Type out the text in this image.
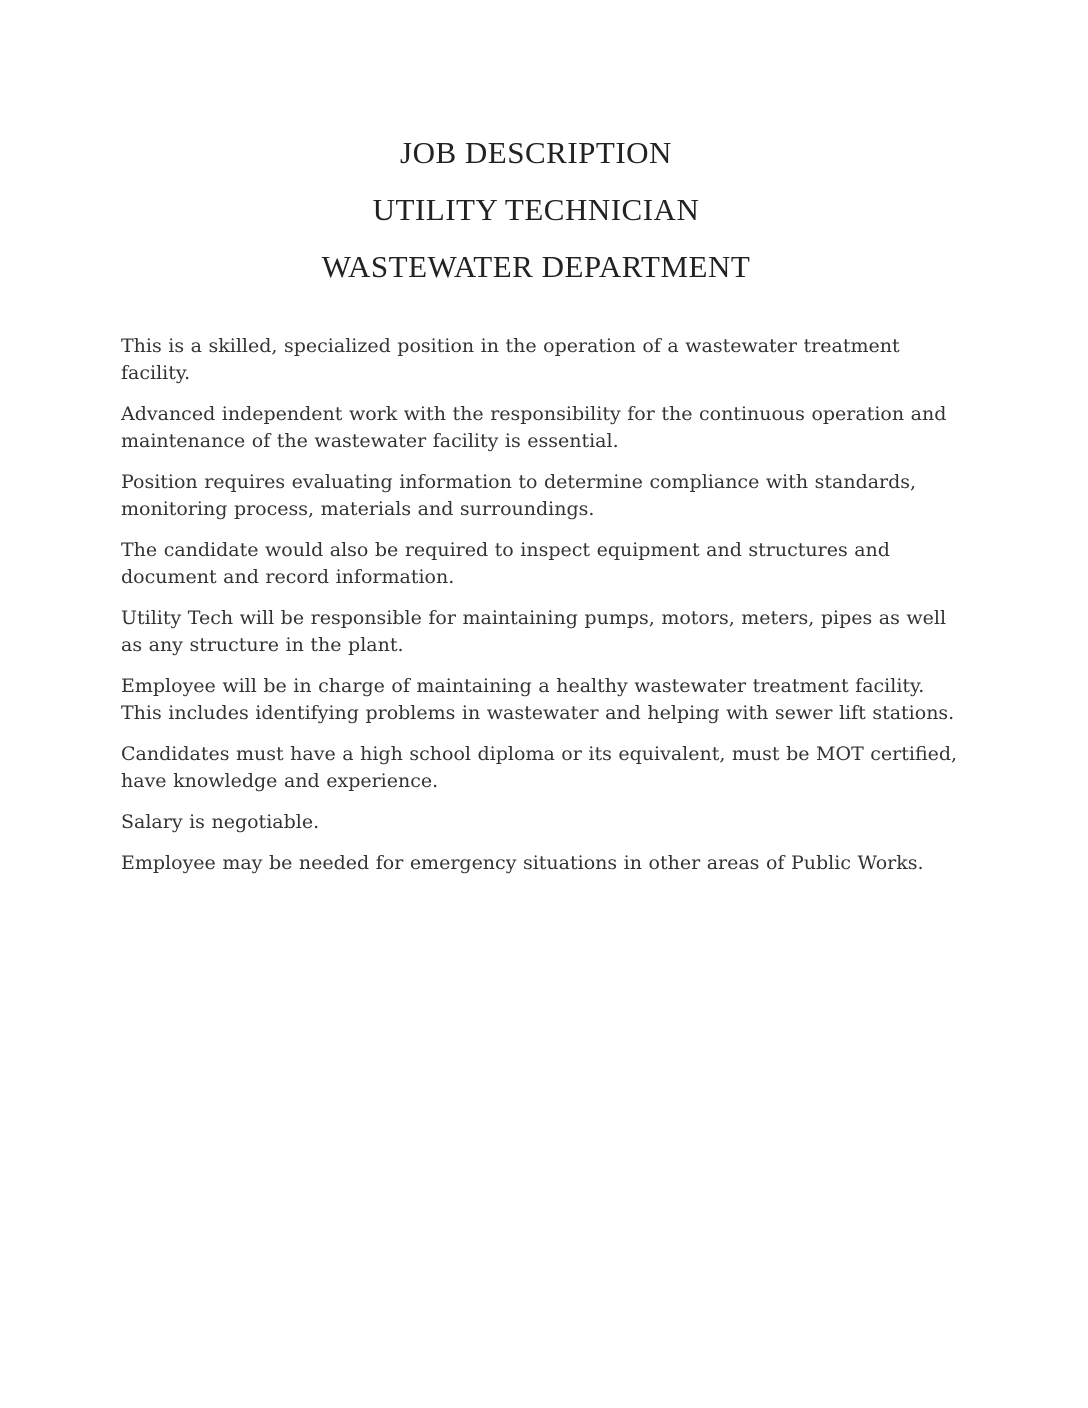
JOB DESCRIPTION
UTILITY TECHNICIAN
WASTEWATER DEPARTMENT

This is a skilled, specialized position in the operation of a wastewater treatment facility.

Advanced independent work with the responsibility for the continuous operation and maintenance of the wastewater facility is essential.

Position requires evaluating information to determine compliance with standards, monitoring process, materials and surroundings.

The candidate would also be required to inspect equipment and structures and document and record information.

Utility Tech will be responsible for maintaining pumps, motors, meters, pipes as well as any structure in the plant.

Employee will be in charge of maintaining a healthy wastewater treatment facility. This includes identifying problems in wastewater and helping with sewer lift stations.

Candidates must have a high school diploma or its equivalent, must be MOT certified, have knowledge and experience.

Salary is negotiable.

Employee may be needed for emergency situations in other areas of Public Works.
